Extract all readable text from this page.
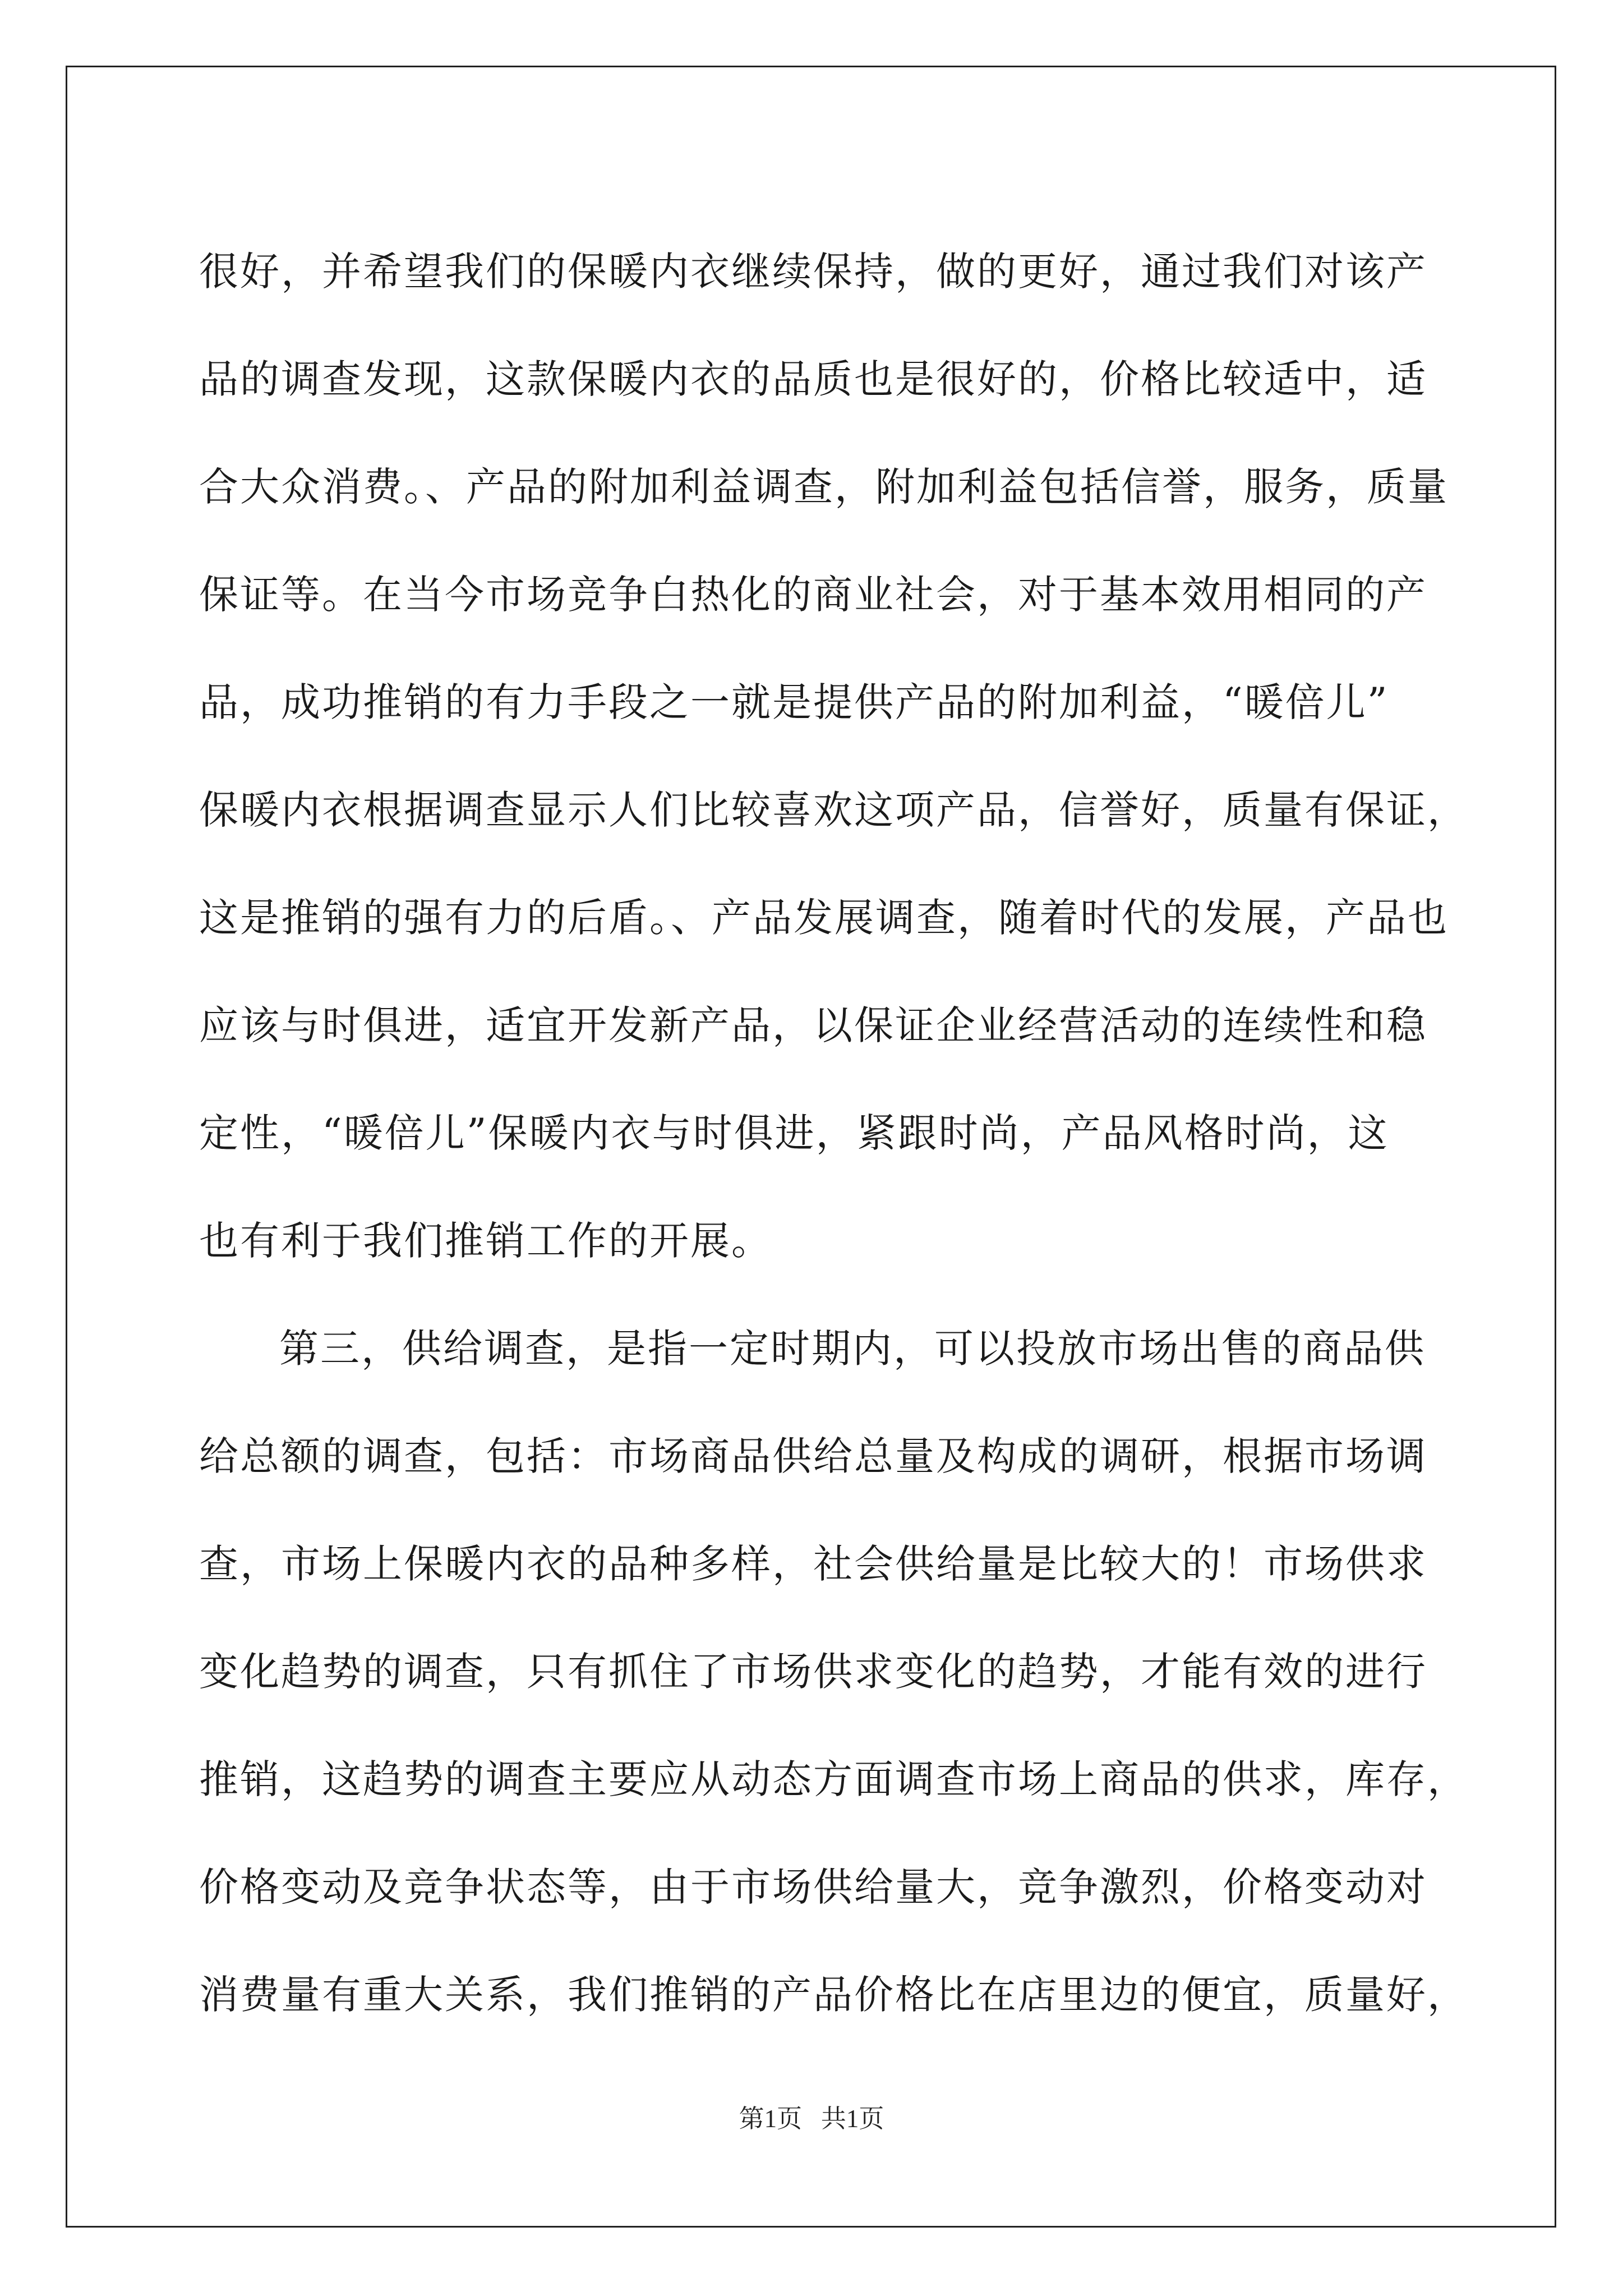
很好，并希望我们的保暖内衣继续保持，做的更好，通过我们对该产
品的调查发现，这款保暖内衣的品质也是很好的，价格比较适中，适
合大众消费。、产品的附加利益调查，附加利益包括信誉，服务，质量
保证等。在当今市场竞争白热化的商业社会，对于基本效用相同的产
品，成功推销的有力手段之一就是提供产品的附加利益，“暖倍儿”
保暖内衣根据调查显示人们比较喜欢这项产品，信誉好，质量有保证，
这是推销的强有力的后盾。、产品发展调查，随着时代的发展，产品也
应该与时俱进，适宜开发新产品，以保证企业经营活动的连续性和稳
定性，“暖倍儿”保暖内衣与时俱进，紧跟时尚，产品风格时尚，这
也有利于我们推销工作的开展。
第三，供给调查，是指一定时期内，可以投放市场出售的商品供
给总额的调查，包括：市场商品供给总量及构成的调研，根据市场调
查，市场上保暖内衣的品种多样，社会供给量是比较大的！市场供求
变化趋势的调查，只有抓住了市场供求变化的趋势，才能有效的进行
推销，这趋势的调查主要应从动态方面调查市场上商品的供求，库存，
价格变动及竞争状态等，由于市场供给量大，竞争激烈，价格变动对
消费量有重大关系，我们推销的产品价格比在店里边的便宜，质量好，
第1页   共1页
